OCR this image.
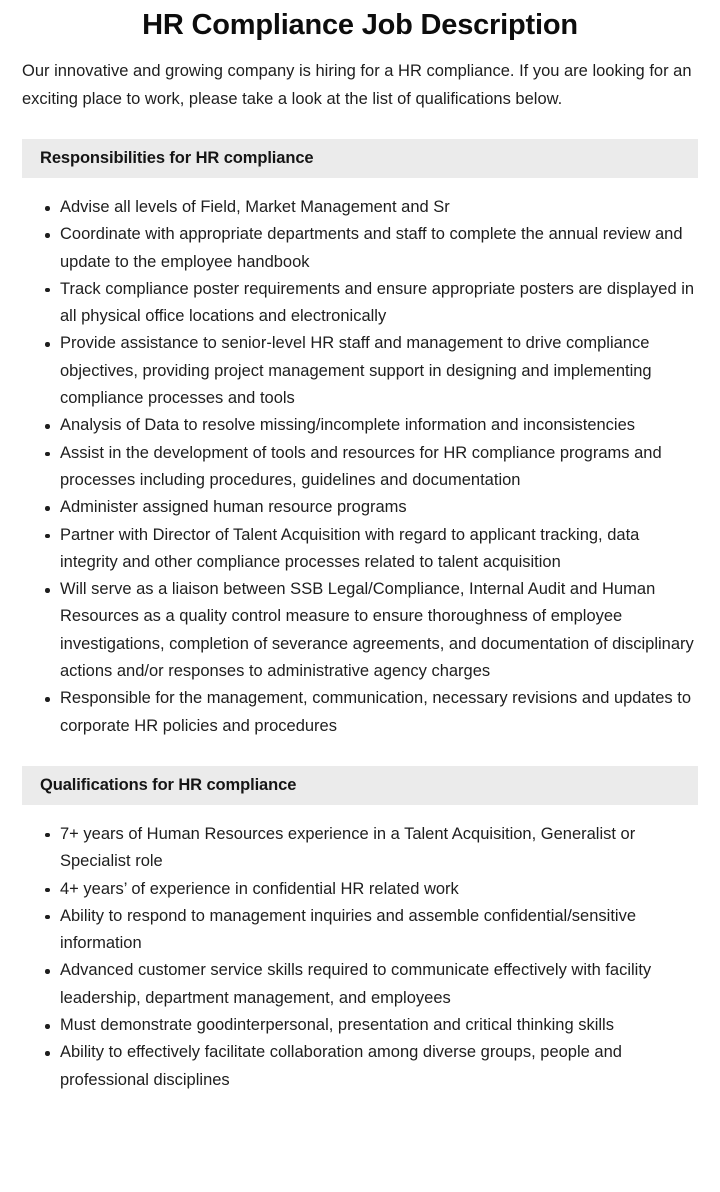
HR Compliance Job Description

Our innovative and growing company is hiring for a HR compliance. If you are looking for an exciting place to work, please take a look at the list of qualifications below.

Responsibilities for HR compliance
Advise all levels of Field, Market Management and Sr
Coordinate with appropriate departments and staff to complete the annual review and update to the employee handbook
Track compliance poster requirements and ensure appropriate posters are displayed in all physical office locations and electronically
Provide assistance to senior-level HR staff and management to drive compliance objectives, providing project management support in designing and implementing compliance processes and tools
Analysis of Data to resolve missing/incomplete information and inconsistencies
Assist in the development of tools and resources for HR compliance programs and processes including procedures, guidelines and documentation
Administer assigned human resource programs
Partner with Director of Talent Acquisition with regard to applicant tracking, data integrity and other compliance processes related to talent acquisition
Will serve as a liaison between SSB Legal/Compliance, Internal Audit and Human Resources as a quality control measure to ensure thoroughness of employee investigations, completion of severance agreements, and documentation of disciplinary actions and/or responses to administrative agency charges
Responsible for the management, communication, necessary revisions and updates to corporate HR policies and procedures
Qualifications for HR compliance
7+ years of Human Resources experience in a Talent Acquisition, Generalist or Specialist role
4+ years’ of experience in confidential HR related work
Ability to respond to management inquiries and assemble confidential/sensitive information
Advanced customer service skills required to communicate effectively with facility leadership, department management, and employees
Must demonstrate goodinterpersonal, presentation and critical thinking skills
Ability to effectively facilitate collaboration among diverse groups, people and professional disciplines
